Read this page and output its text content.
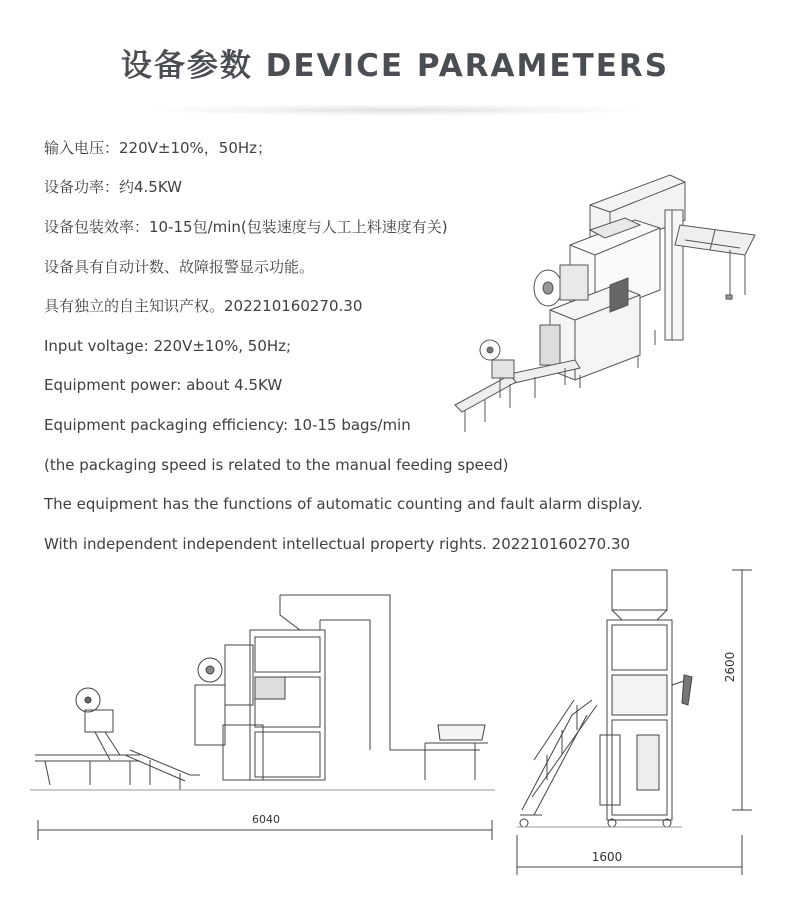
设备参数 DEVICE PARAMETERS
输入电压：220V±10%，50Hz；
设备功率：约4.5KW
设备包装效率：10-15包/min(包装速度与人工上料速度有关)
设备具有自动计数、故障报警显示功能。
具有独立的自主知识产权。202210160270.30
Input voltage: 220V±10%, 50Hz;
Equipment power: about 4.5KW
Equipment packaging efficiency: 10-15 bags/min
(the packaging speed is related to the manual feeding speed)
The equipment has the functions of automatic counting and fault alarm display.
With independent independent intellectual property rights. 202210160270.30
6040
2600
1600
